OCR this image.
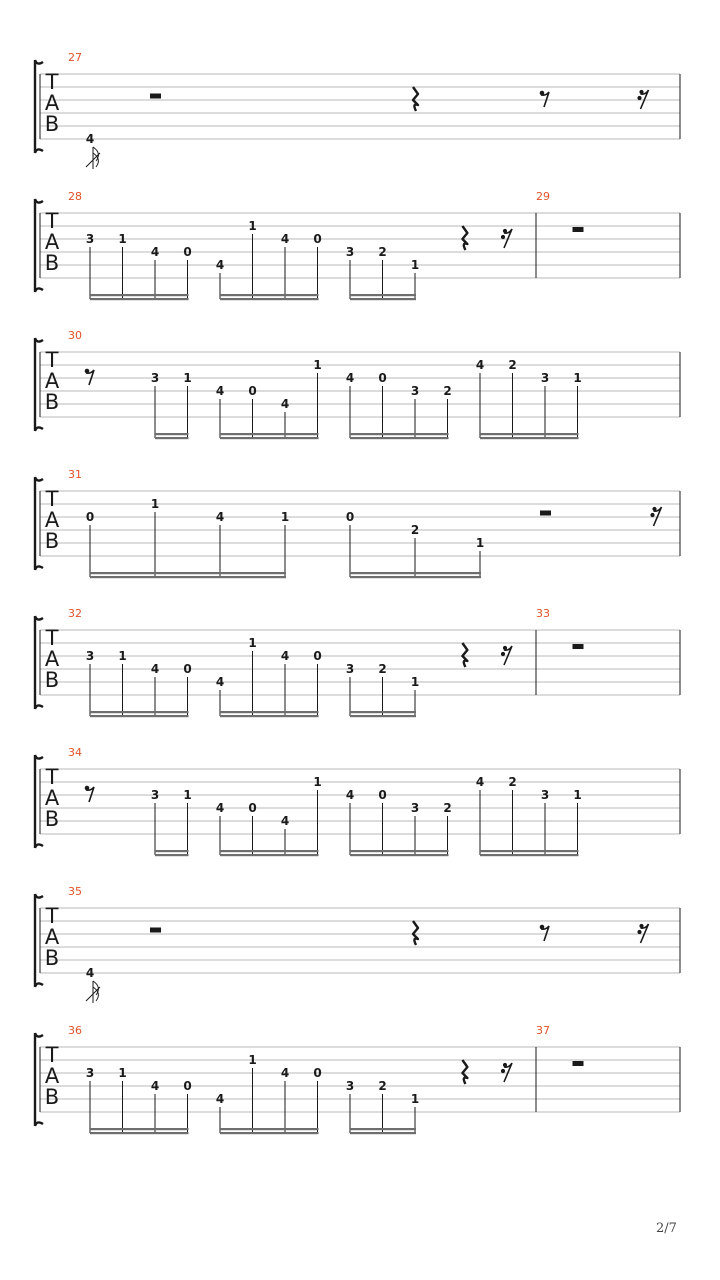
T
A
B
27
4
T
A
B
28
3 1
4 0
4
1
4 0
3 2
1
29
T
A
B
30
3 1
4 0
4
1
4 0
3 2
4 2
3 1
T
A
B
31
0
1
4	1	0
2
1
T
A
B
32
3 1
4 0
4
1
4 0
3 2
1
33
T
A
B
34
3 1
4 0
4
1
4 0
3 2
4 2
3 1
T
A
B
35
4
T
A
B
36
3 1
4 0
4
1
4 0
3 2
1
37
2/7
